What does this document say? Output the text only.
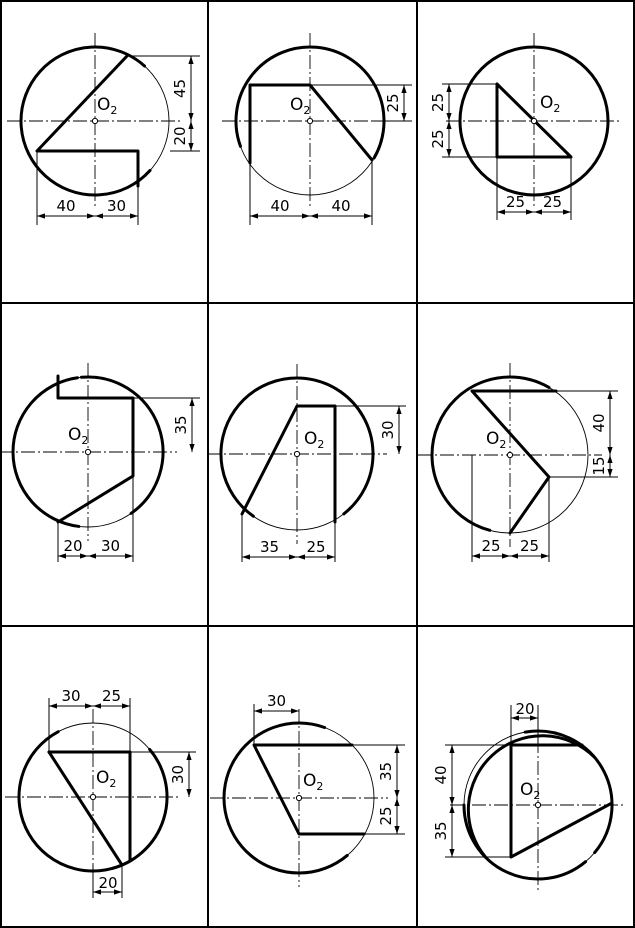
45
20
40 30
$O_2$	25
40	40
$O_2$	25
25
25 25
$O_2$
35
20 30
$O_2$
30
35 25
$O_2$
40
15
25 25
$O_2$
30 25
30
20
$O_2$
30
35
25
$O_2$
20
40
35
$O_2$
